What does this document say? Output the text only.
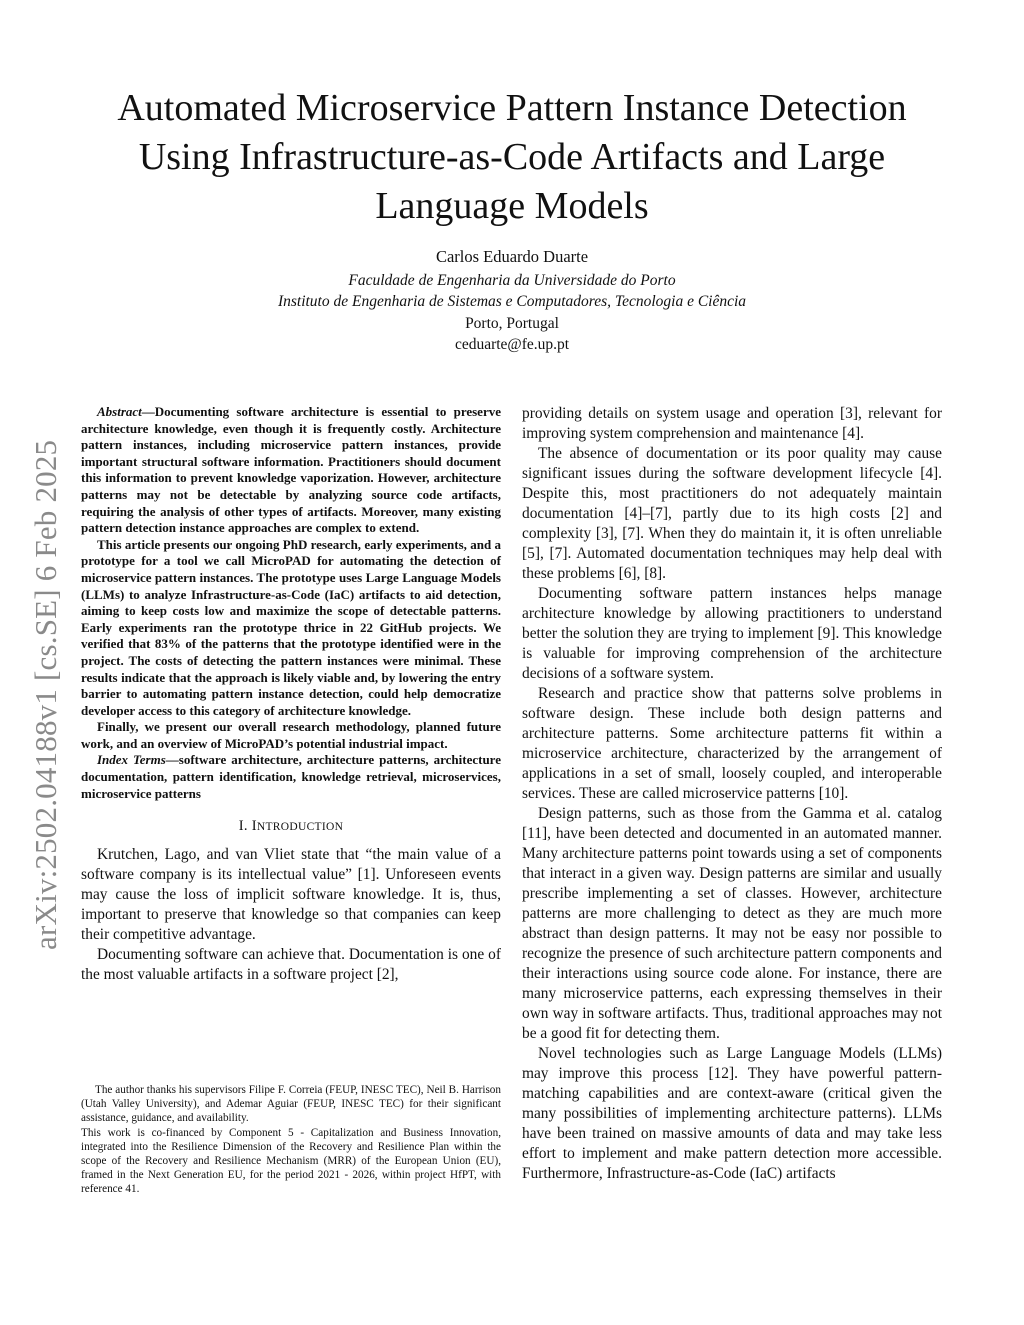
Automated Microservice Pattern Instance Detection
Using Infrastructure-as-Code Artifacts and Large
Language Models
Carlos Eduardo Duarte
Faculdade de Engenharia da Universidade do Porto
Instituto de Engenharia de Sistemas e Computadores, Tecnologia e Ciência
Porto, Portugal
ceduarte@fe.up.pt
arXiv:2502.04188v1 [cs.SE] 6 Feb 2025

Abstract—Documenting software architecture is essential to preserve architecture knowledge, even though it is frequently costly. Architecture pattern instances, including microservice pattern instances, provide important structural software information. Practitioners should document this information to prevent knowledge vaporization. However, architecture patterns may not be detectable by analyzing source code artifacts, requiring the analysis of other types of artifacts. Moreover, many existing pattern detection instance approaches are complex to extend.

This article presents our ongoing PhD research, early experiments, and a prototype for a tool we call MicroPAD for automating the detection of microservice pattern instances. The prototype uses Large Language Models (LLMs) to analyze Infrastructure-as-Code (IaC) artifacts to aid detection, aiming to keep costs low and maximize the scope of detectable patterns. Early experiments ran the prototype thrice in 22 GitHub projects. We verified that 83% of the patterns that the prototype identified were in the project. The costs of detecting the pattern instances were minimal. These results indicate that the approach is likely viable and, by lowering the entry barrier to automating pattern instance detection, could help democratize developer access to this category of architecture knowledge.

Finally, we present our overall research methodology, planned future work, and an overview of MicroPAD’s potential industrial impact.

Index Terms—software architecture, architecture patterns, architecture documentation, pattern identification, knowledge retrieval, microservices, microservice patterns

I. INTRODUCTION

Krutchen, Lago, and van Vliet state that “the main value of a software company is its intellectual value” [1]. Unforeseen events may cause the loss of implicit software knowledge. It is, thus, important to preserve that knowledge so that companies can keep their competitive advantage.

Documenting software can achieve that. Documentation is one of the most valuable artifacts in a software project [2],

The author thanks his supervisors Filipe F. Correia (FEUP, INESC TEC), Neil B. Harrison (Utah Valley University), and Ademar Aguiar (FEUP, INESC TEC) for their significant assistance, guidance, and availability.

This work is co-financed by Component 5 - Capitalization and Business Innovation, integrated into the Resilience Dimension of the Recovery and Resilience Plan within the scope of the Recovery and Resilience Mechanism (MRR) of the European Union (EU), framed in the Next Generation EU, for the period 2021 - 2026, within project HfPT, with reference 41.

providing details on system usage and operation [3], relevant for improving system comprehension and maintenance [4].

The absence of documentation or its poor quality may cause significant issues during the software development lifecycle [4]. Despite this, most practitioners do not adequately maintain documentation [4]–[7], partly due to its high costs [2] and complexity [3], [7]. When they do maintain it, it is often unreliable [5], [7]. Automated documentation techniques may help deal with these problems [6], [8].

Documenting software pattern instances helps manage architecture knowledge by allowing practitioners to understand better the solution they are trying to implement [9]. This knowledge is valuable for improving comprehension of the architecture decisions of a software system.

Research and practice show that patterns solve problems in software design. These include both design patterns and architecture patterns. Some architecture patterns fit within a microservice architecture, characterized by the arrangement of applications in a set of small, loosely coupled, and interoperable services. These are called microservice patterns [10].

Design patterns, such as those from the Gamma et al. catalog [11], have been detected and documented in an automated manner. Many architecture patterns point towards using a set of components that interact in a given way. Design patterns are similar and usually prescribe implementing a set of classes. However, architecture patterns are more challenging to detect as they are much more abstract than design patterns. It may not be easy nor possible to recognize the presence of such architecture pattern components and their interactions using source code alone. For instance, there are many microservice patterns, each expressing themselves in their own way in software artifacts. Thus, traditional approaches may not be a good fit for detecting them.

Novel technologies such as Large Language Models (LLMs) may improve this process [12]. They have powerful pattern-matching capabilities and are context-aware (critical given the many possibilities of implementing architecture patterns). LLMs have been trained on massive amounts of data and may take less effort to implement and make pattern detection more accessible. Furthermore, Infrastructure-as-Code (IaC) artifacts
